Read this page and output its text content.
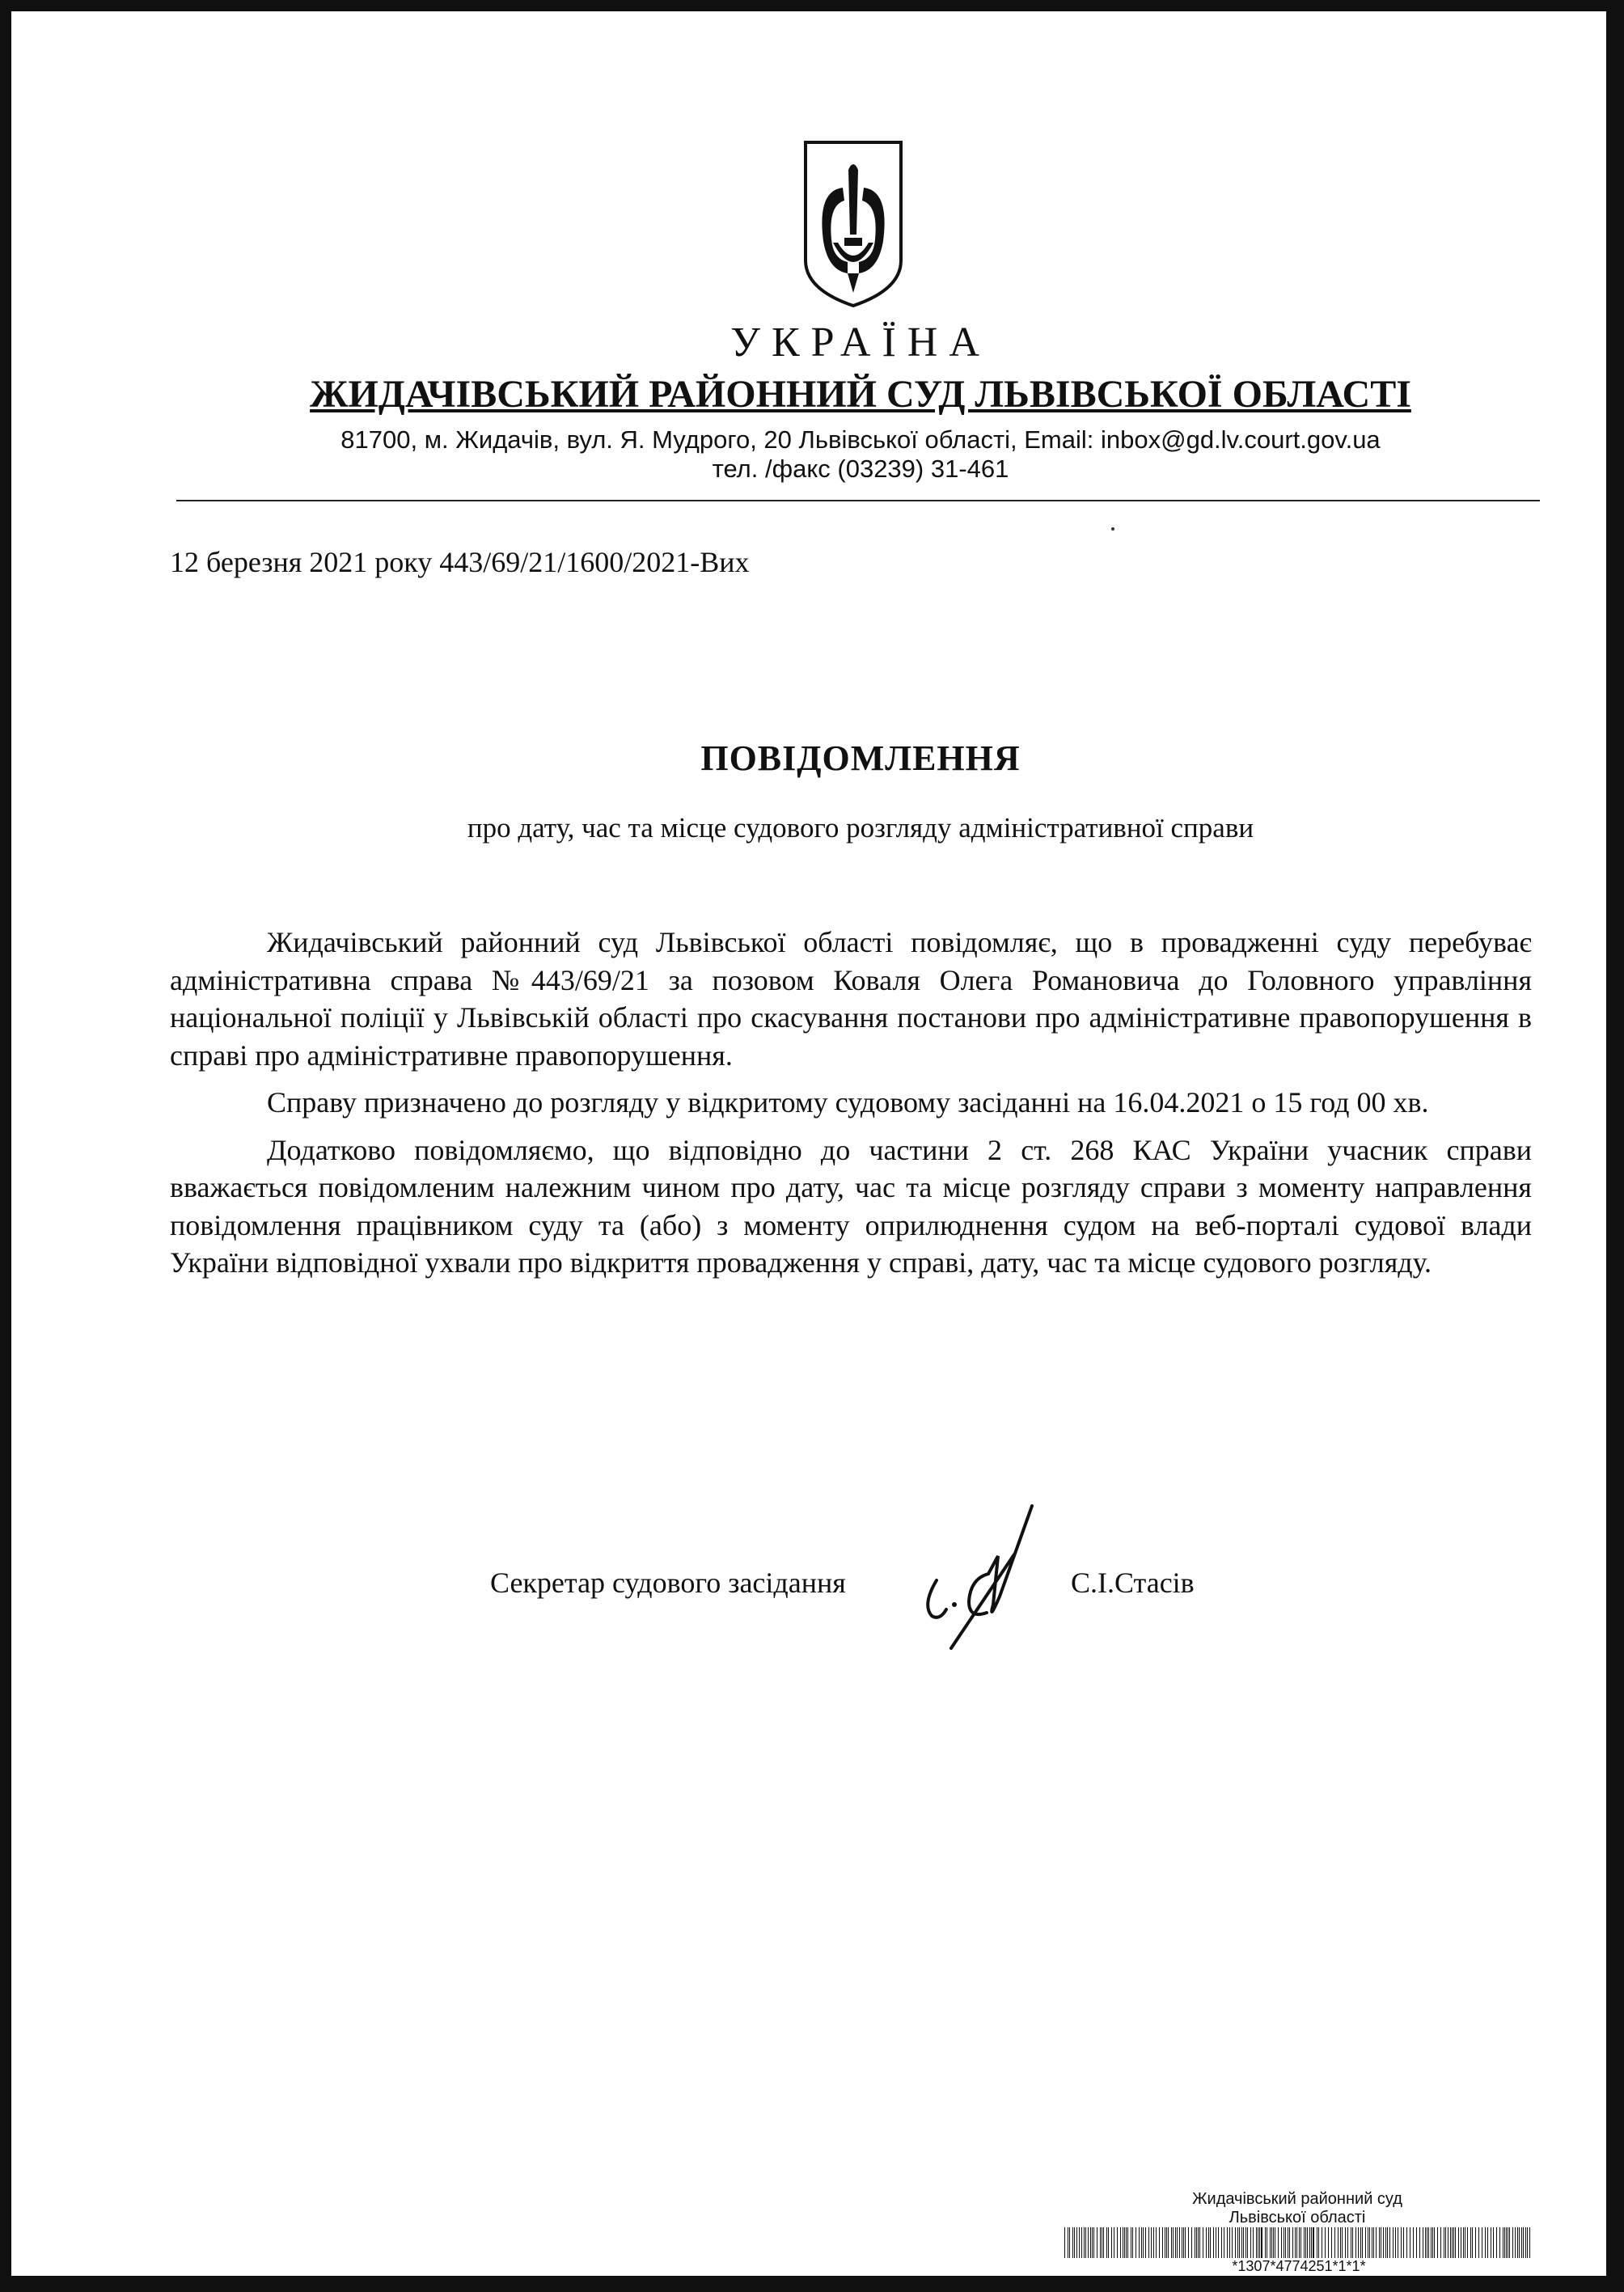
УКРАЇНА
ЖИДАЧІВСЬКИЙ РАЙОННИЙ СУД ЛЬВІВСЬКОЇ ОБЛАСТІ
81700, м. Жидачів, вул. Я. Мудрого, 20 Львівської області, Email: inbox@gd.lv.court.gov.ua
тел. /факс (03239) 31-461
12 березня 2021 року 443/69/21/1600/2021-Вих
ПОВІДОМЛЕННЯ
про дату, час та місце судового розгляду адміністративної справи

Жидачівський районний суд Львівської області повідомляє, що в провадженні суду перебуває адміністративна справа №443/69/21 за позовом Коваля Олега Романовича до Головного управління національної поліції у Львівській області про скасування постанови про адміністративне правопорушення в справі про адміністративне правопорушення.

Справу призначено до розгляду у відкритому судовому засіданні на 16.04.2021 о 15 год 00 хв.

Додатково повідомляємо, що відповідно до частини 2 ст. 268 КАС України учасник справи вважається повідомленим належним чином про дату, час та місце розгляду справи з моменту направлення повідомлення працівником суду та (або) з моменту оприлюднення судом на веб-порталі судової влади України відповідної ухвали про відкриття провадження у справі, дату, час та місце судового розгляду.

Секретар судового засідання	С.І.Стасів
Жидачівський районний суд
Львівської області
*1307*4774251*1*1*
